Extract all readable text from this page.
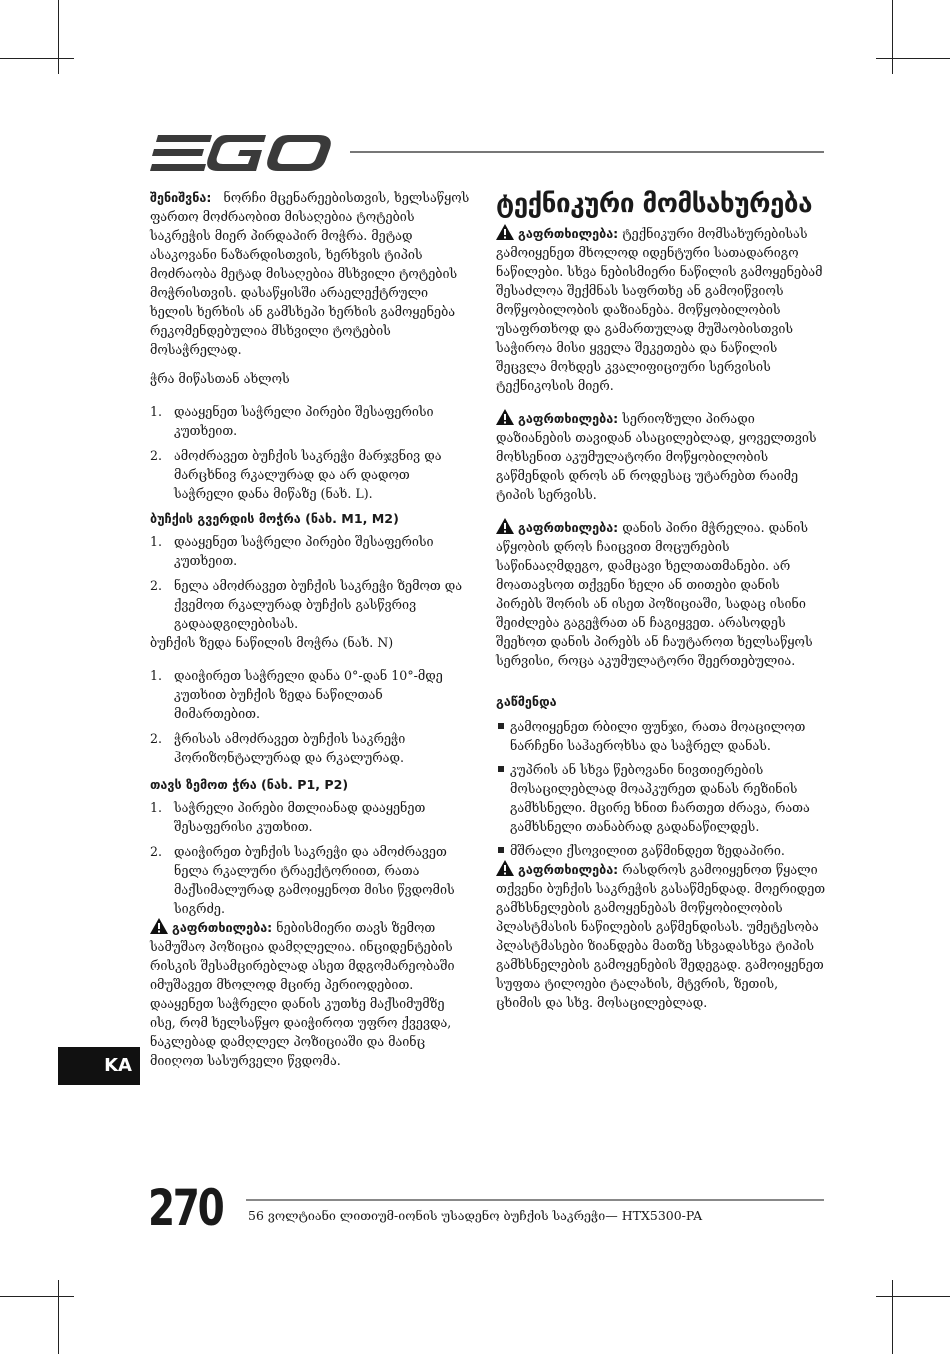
შენიშვნა: ნორჩი მცენარეებისთვის, ხელსაწყოს ფართო მოძრაობით მისაღებია ტოტების საკრეჭის მიერ პირდაპირ მოჭრა. მეტად ასაკოვანი ნაზარდისთვის, ხერხვის ტიპის მოძრაობა მეტად მისაღებია მსხვილი ტოტების მოჭრისთვის. დასაწყისში არაელექტრული ხელის ხერხის ან გამსხეპი ხერხის გამოყენება რეკომენდებულია მსხვილი ტოტების მოსაჭრელად.

ჭრა მიწასთან ახლოს

1. დააყენეთ საჭრელი პირები შესაფერისი კუთხეით.
2. ამოძრავეთ ბუჩქის საკრეჭი მარჯვნივ და მარცხნივ რკალურად და არ დადოთ საჭრელი დანა მიწაზე (ნახ. L).
ბუჩქის გვერდის მოჭრა (ნახ. M1, M2)
1. დააყენეთ საჭრელი პირები შესაფერისი კუთხეით.
2. ნელა ამოძრავეთ ბუჩქის საკრეჭი ზემოთ და ქვემოთ რკალურად ბუჩქის გასწვრივ გადაადგილებისას.

ბუჩქის ზედა ნაწილის მოჭრა (ნახ. N)

1. დაიჭირეთ საჭრელი დანა 0°-დან 10°-მდე კუთხით ბუჩქის ზედა ნაწილთან მიმართებით.
2. ჭრისას ამოძრავეთ ბუჩქის საკრეჭი ჰორიზონტალურად და რკალურად.
თავს ზემოთ ჭრა (ნახ. P1, P2)
1. საჭრელი პირები მთლიანად დააყენეთ შესაფერისი კუთხით.
2. დაიჭირეთ ბუჩქის საკრეჭი და ამოძრავეთ ნელა რკალური ტრაექტორიით, რათა მაქსიმალურად გამოიყენოთ მისი წვდომის სიგრძე.

გაფრთხილება: ნებისმიერი თავს ზემოთ სამუშაო პოზიცია დამღლელია. ინციდენტების რისკის შესამცირებლად ასეთ მდგომარეობაში იმუშავეთ მხოლოდ მცირე პერიოდებით. დააყენეთ საჭრელი დანის კუთხე მაქსიმუმზე ისე, რომ ხელსაწყო დაიჭიროთ უფრო ქვევდა, ნაკლებად დამღლელ პოზიციაში და მაინც მიიღოთ სასურველი წვდომა.

ტექნიკური მომსახურება

გაფრთხილება: ტექნიკური მომსახურებისას გამოიყენეთ მხოლოდ იდენტური სათადარიგო ნაწილები. სხვა ნებისმიერი ნაწილის გამოყენებამ შესაძლოა შექმნას საფრთხე ან გამოიწვიოს მოწყობილობის დაზიანება. მოწყობილობის უსაფრთხოდ და გამართულად მუშაობისთვის საჭიროა მისი ყველა შეკეთება და ნაწილის შეცვლა მოხდეს კვალიფიციური სერვისის ტექნიკოსის მიერ.

გაფრთხილება: სერიოზული პირადი დაზიანების თავიდან ასაცილებლად, ყოველთვის მოხსენით აკუმულატორი მოწყობილობის გაწმენდის დროს ან როდესაც უტარებთ რაიმე ტიპის სერვისს.

გაფრთხილება: დანის პირი მჭრელია. დანის აწყობის დროს ჩაიცვით მოცურების საწინააღმდეგო, დამცავი ხელთათმანები. არ მოათავსოთ თქვენი ხელი ან თითები დანის პირებს შორის ან ისეთ პოზიციაში, სადაც ისინი შეიძლება გაგეჭრათ ან ჩაგიყვეთ. არასოდეს შეეხოთ დანის პირებს ან ჩაუტაროთ ხელსაწყოს სერვისი, როცა აკუმულატორი შეერთებულია.

გაწმენდა
გამოიყენეთ რბილი ფუნჯი, რათა მოაცილოთ ნარჩენი საჰაეროხსა და საჭრელ დანას.
კუპრის ან სხვა წებოვანი ნივთიერების მოსაცილებლად მოაპკურეთ დანას რეზინის გამხსნელი. მცირე ხნით ჩართეთ ძრავა, რათა გამხსნელი თანაბრად გადანაწილდეს.
მშრალი ქსოვილით გაწმინდეთ ზედაპირი.

გაფრთხილება: რასდროს გამოიყენოთ წყალი თქვენი ბუჩქის საკრეჭის გასაწმენდად. მოერიდეთ გამხსნელების გამოყენებას მოწყობილობის პლასტმასის ნაწილების გაწმენდისას. უმეტესობა პლასტმასები ზიანდება მათზე სხვადასხვა ტიპის გამხსნელების გამოყენების შედეგად. გამოიყენეთ სუფთა ტილოები ტალახის, მტვრის, ზეთის, ცხიმის და სხვ. მოსაცილებლად.

KA
270 56 ვოლტიანი ლითიუმ-იონის უსადენო ბუჩქის საკრეჭი— HTX5300-PA
